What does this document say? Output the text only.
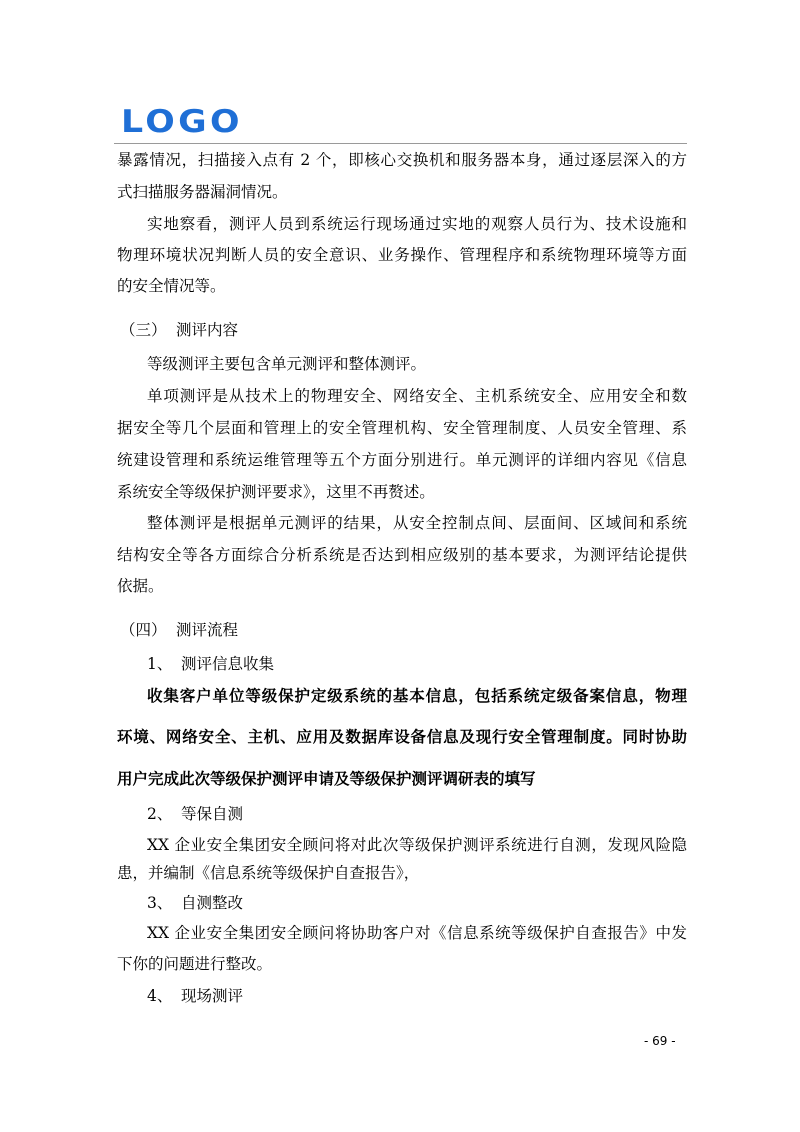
LOGO
暴露情况，扫描接入点有 2 个，即核心交换机和服务器本身，通过逐层深入的方
式扫描服务器漏洞情况。
实地察看，测评人员到系统运行现场通过实地的观察人员行为、技术设施和
物理环境状况判断人员的安全意识、业务操作、管理程序和系统物理环境等方面
的安全情况等。
（三） 测评内容
等级测评主要包含单元测评和整体测评。
单项测评是从技术上的物理安全、网络安全、主机系统安全、应用安全和数
据安全等几个层面和管理上的安全管理机构、安全管理制度、人员安全管理、系
统建设管理和系统运维管理等五个方面分别进行。单元测评的详细内容见《信息
系统安全等级保护测评要求》，这里不再赘述。
整体测评是根据单元测评的结果，从安全控制点间、层面间、区域间和系统
结构安全等各方面综合分析系统是否达到相应级别的基本要求，为测评结论提供
依据。
（四） 测评流程
1、 测评信息收集
收集客户单位等级保护定级系统的基本信息，包括系统定级备案信息，物理
环境、网络安全、主机、应用及数据库设备信息及现行安全管理制度。同时协助
用户完成此次等级保护测评申请及等级保护测评调研表的填写
2、 等保自测
XX 企业安全集团安全顾问将对此次等级保护测评系统进行自测，发现风险隐
患，并编制《信息系统等级保护自查报告》，
3、 自测整改
XX 企业安全集团安全顾问将协助客户对《信息系统等级保护自查报告》中发
下你的问题进行整改。
4、 现场测评
- 69 -
